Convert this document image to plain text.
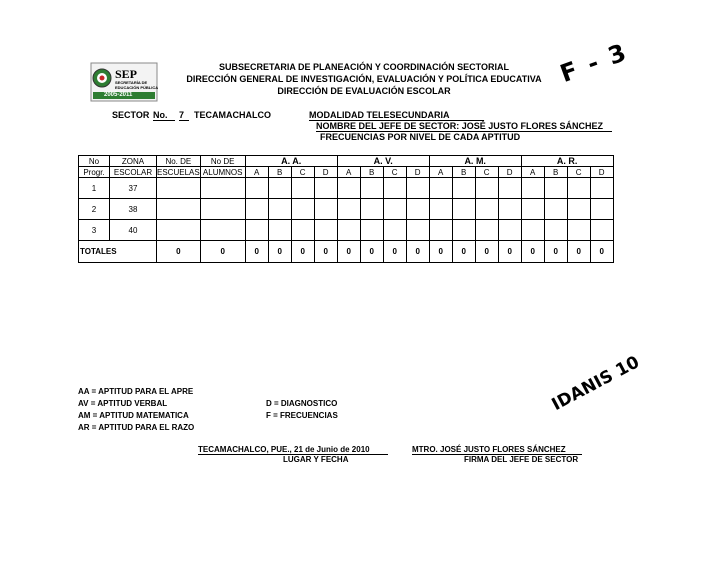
SEP
SECRETARÍA DE
EDUCACIÓN PÚBLICA
2005-2011
SUBSECRETARIA DE PLANEACIÓN Y COORDINACIÓN SECTORIAL
DIRECCIÓN GENERAL DE INVESTIGACIÓN, EVALUACIÓN Y POLÍTICA EDUCATIVA
DIRECCIÓN DE EVALUACIÓN ESCOLAR
F - 3
SECTOR No.	7	TECAMACHALCO	MODALIDAD TELESECUNDARIA
NOMBRE DEL JEFE DE SECTOR: JOSÉ JUSTO FLORES SÁNCHEZ
FRECUENCIAS POR NIVEL DE CADA APTITUD
No	ZONA	No. DE	No DE	A. A.				A. V.				A. M.				A. R.			
Progr.	ESCOLAR	ESCUELAS	ALUMNOS	A	B	C	D	A	B	C	D	A	B	C	D	A	B	C	D
1	37																		
2	38																		
3	40																		
TOTALES		0	0	0	0	0	0	0	0	0	0	0	0	0	0	0	0	0	0
AA = APTITUD PARA EL APRE
AV = APTITUD VERBAL
AM = APTITUD MATEMATICA
AR = APTITUD PARA EL RAZO
D = DIAGNOSTICO
F = FRECUENCIAS
IDANIS 10
TECAMACHALCO, PUE., 21 de Junio de 2010
LUGAR Y FECHA
MTRO. JOSÉ JUSTO FLORES SÁNCHEZ
FIRMA DEL JEFE DE SECTOR
